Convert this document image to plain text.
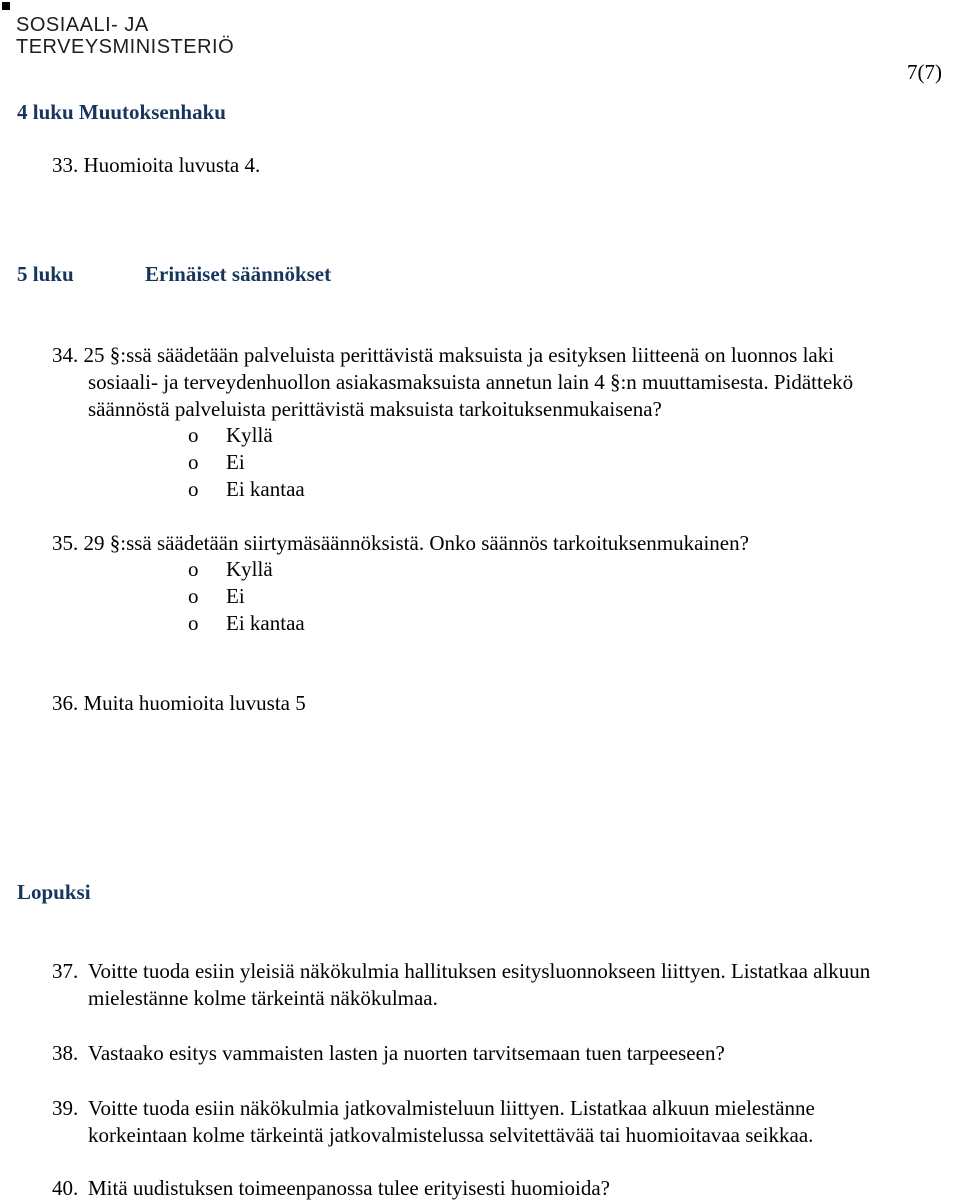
SOSIAALI- JA
TERVEYSMINISTERIÖ
7(7)
4 luku Muutoksenhaku
33. Huomioita luvusta 4.
5 luku	Erinäiset säännökset
34. 25 §:ssä säädetään palveluista perittävistä maksuista ja esityksen liitteenä on luonnos laki
sosiaali- ja terveydenhuollon asiakasmaksuista annetun lain 4 §:n muuttamisesta. Pidättekö
säännöstä palveluista perittävistä maksuista tarkoituksenmukaisena?
o Kyllä
o Ei
o Ei kantaa
35. 29 §:ssä säädetään siirtymäsäännöksistä. Onko säännös tarkoituksenmukainen?
o Kyllä
o Ei
o Ei kantaa
36. Muita huomioita luvusta 5
Lopuksi
37. Voitte tuoda esiin yleisiä näkökulmia hallituksen esitysluonnokseen liittyen. Listatkaa alkuun
mielestänne kolme tärkeintä näkökulmaa.
38. Vastaako esitys vammaisten lasten ja nuorten tarvitsemaan tuen tarpeeseen?
39. Voitte tuoda esiin näkökulmia jatkovalmisteluun liittyen. Listatkaa alkuun mielestänne
korkeintaan kolme tärkeintä jatkovalmistelussa selvitettävää tai huomioitavaa seikkaa.
40. Mitä uudistuksen toimeenpanossa tulee erityisesti huomioida?
